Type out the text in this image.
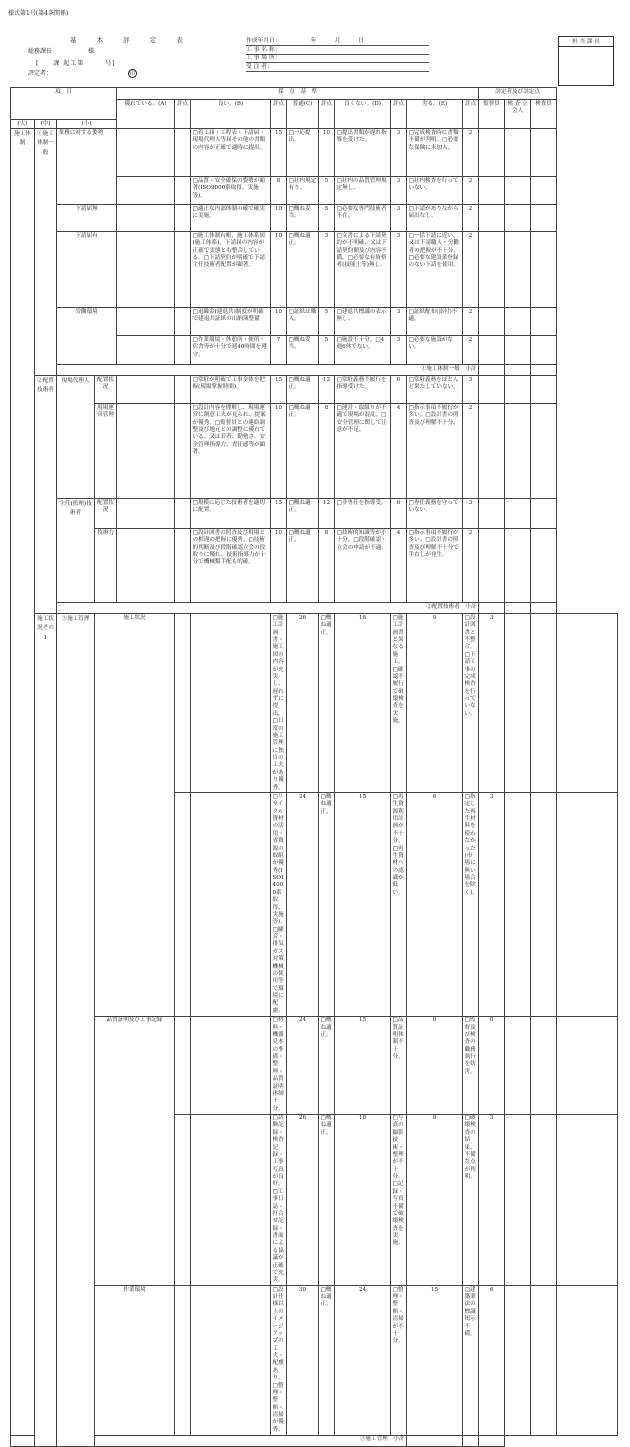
様式第1号(第4条関係)
基 本 評 定 表
総務課長	様
[　　課 起工第　　　号]
評定者：	印
作成年月日：	年月日
工 事 名 称：
工 事 場 所：
受 注 者：
担 当 課 長
項　目				採　点　基　準										評定者及び評定点			
				優れている。(A)	評点	良い。(B)	評点	普通(C)	評点	良くない。(D)	評点	劣る。(E)	評点	監督員	検 査 立会人	検査員	
(大)	(中)	(小)															
施工体制	①施工体制一般	業務に対する姿勢				□着工届・工程表・下請届・現場代理人等届その他の書類の内容が正確で適時に提出。	15	□一応提出。	10	□提出書類が遅れ指導を受けた。	3	□完成検査時に書類不備が判明。□必要な保険に未加入。	2				
						□品質・安全確保の姿勢が顕著(ISO9000系取得、実施等)。	8	□社内規定有り。	5	□社内の品質管理規定無し。	3	□社内検査を行っていない。	2				
		下請届無				□適正な内部体制の確で確実に実施。	10	□概ね妥当。	5	□必要な専門技術者不在。	3	□下請がありながら届出なし。	2				
		下請届有				□施工体制台帳、施工体系図(施工体系)、下請届の内容が正確で実態とも整合している。□下請契約が明確で下請主任技術者配置が顕著。	10	□概ね適正。	3	□文書による下請契約が不明確、又は下請契約額及び内容不備。□必要な有資格者(技能士等)無し。	3	□一括下請に近い、又は下請職人・労働者の把握が不十分。□必要な建設業登録のない下請を使用。	2				
		労働環境				□退職金(建退共)制度が明確で建退共証紙の出納簿整備	10	□証紙は購入。	5	□建退共標識の表示無し。	3	□証紙配布(添付)不適。	2				
						□作業環境・休憩所・便所・宿舎等が十分で週40時間を遵守。	7	□概ね妥当。	5	□施設不十分。□4週6休でない。	3	□必要な施設がない。	2				
		①施工体制一般　小計															
	②配置技術者	現場代理人	配置状況			□常駐が明確で工事全体を把握(現場掌握時間)。	15	□概ね適正。	12	□常駐義務不履行を指導受けた。	6	□常駐義務をほとんど果たしていない。	3				
			現場運営管理			□設計内容を理解し、現場運営に創意工夫が見られ、提案が優秀。□監督員との連絡調整及び地元との調整に優れている。又は若者、勤勉さ、安全管理指導力、責任感等が顕著。	10	□概ね適正。	8	□運営・取組りが不適で現場が混乱。□安全管理に関して注意が不足。	4	□指示事項不履行が多い。□設計書の照査及び理解不十分。	2				
		主任(監理)技術者	配置状況			□規模に応じた技術者を適切に配置。	15	□概ね適正。	12	□非専任を指導受。	6	□専任義務を守っていない。	3				
			技術力			□設計図書の照査及び現場との相違の把握に優秀。□技術的判断及び段階確認立会の段取りに優れ、技術指導力が十分で機械類手配も的確。	10	□概ね適正。	8	□技術的知識等が不十分。□段階確認・立会の申請が不適。	4	□指示事項不履行が多い。□設計書の照査及び理解不十分で手直しが発生。	2				
		②配置技術者　小計															
	施工状況その1	③施工管理	施工状況				□施工計画書・施工図の内容が充実し、遅れずに提出。□日常の施工管理に独自の工夫があり優秀。	26	□概ね適正。	18	□施工計画書と異なる施工。□確認不履行で破壊検査を実施。	9	□設計図書と不整合。□下請工事の完成検査を行っていない。	3			
							□リサイクル資材の活用・省資源の取組が優秀(ISO14000系取得、実施等)。□騒音・排気ガス対策機械の使用等で環境に配慮。	24	□概ね適正。	15	□再生資源利用計画が不十分。□再生資材への認識が低い。	6	□指定した再生材料を使わなかった(市場に無い場合を除く)。	3			
			品質証明及び工事記録				□材料・機器見本の準備・整理・品質証明体制十分。	24	□概ね適正。	15	□品質証明体制不十分。	6	□監督及び検査の職務執行を妨害。	0			
							□試験記録・検査記録・工事写真が良好。□工事日誌・打合せ記録・書面による協議が正確で充実。	26	□概ね適正。	18	□写真の撮影技術・整理が不十分。□記録・写真不備で破壊検査を実施。	9	□破壊検査の結果、不備な点が判明。	3			
			作業環境				□設計仕様以上のイメージアップの工夫・配慮あり。□整理・整頓・清掃が優秀。	30	□概ね適正。	24	□整理・整頓・清掃が不十分。	15	□建築業法の標識掲示不備。	6			
③施工管理　小計																	
